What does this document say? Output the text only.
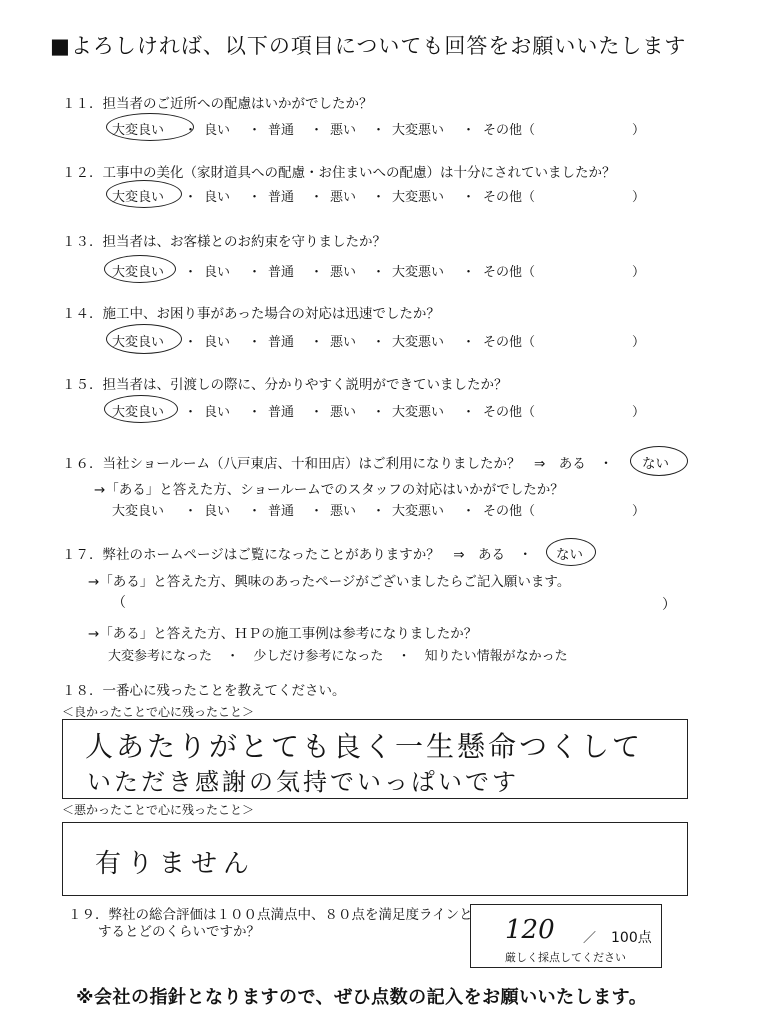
■よろしければ、以下の項目についても回答をお願いいたします
１１．担当者のご近所への配慮はいかがでしたか？
大変良い	良い	普通	悪い	大変悪い	その他（	）
・	・	・	・	・
１２．工事中の美化（家財道具への配慮・お住まいへの配慮）は十分にされていましたか？
大変良い	良い	普通	悪い	大変悪い	その他（	）
・	・	・	・	・
１３．担当者は、お客様とのお約束を守りましたか？
大変良い	良い	普通	悪い	大変悪い	その他（	）
・	・	・	・	・
１４．施工中、お困り事があった場合の対応は迅速でしたか？
大変良い	良い	普通	悪い	大変悪い	その他（	）
・	・	・	・	・
１５．担当者は、引渡しの際に、分かりやすく説明ができていましたか？
大変良い	良い	普通	悪い	大変悪い	その他（	）
・	・	・	・	・
１６．当社ショールーム（八戸東店、十和田店）はご利用になりましたか？　⇒　ある　・ ない
→「ある」と答えた方、ショールームでのスタッフの対応はいかがでしたか？
大変良い	良い	普通	悪い	大変悪い	その他（	）
・	・	・	・	・
１７．弊社のホームページはご覧になったことがありますか？　⇒　ある　・ ない
→「ある」と答えた方、興味のあったページがございましたらご記入願います。
（	）
→「ある」と答えた方、ＨＰの施工事例は参考になりましたか？
大変参考になった ・ 少しだけ参考になった ・ 知りたい情報がなかった
１８．一番心に残ったことを教えてください。
＜良かったことで心に残ったこと＞
人あたりがとても良く一生懸命つくして
いただき感謝の気持でいっぱいです
＜悪かったことで心に残ったこと＞
有りません
１９．弊社の総合評価は１００点満点中、８０点を満足度ラインと
するとどのくらいですか？	120 ／ 100点
厳しく採点してください
※会社の指針となりますので、ぜひ点数の記入をお願いいたします。
